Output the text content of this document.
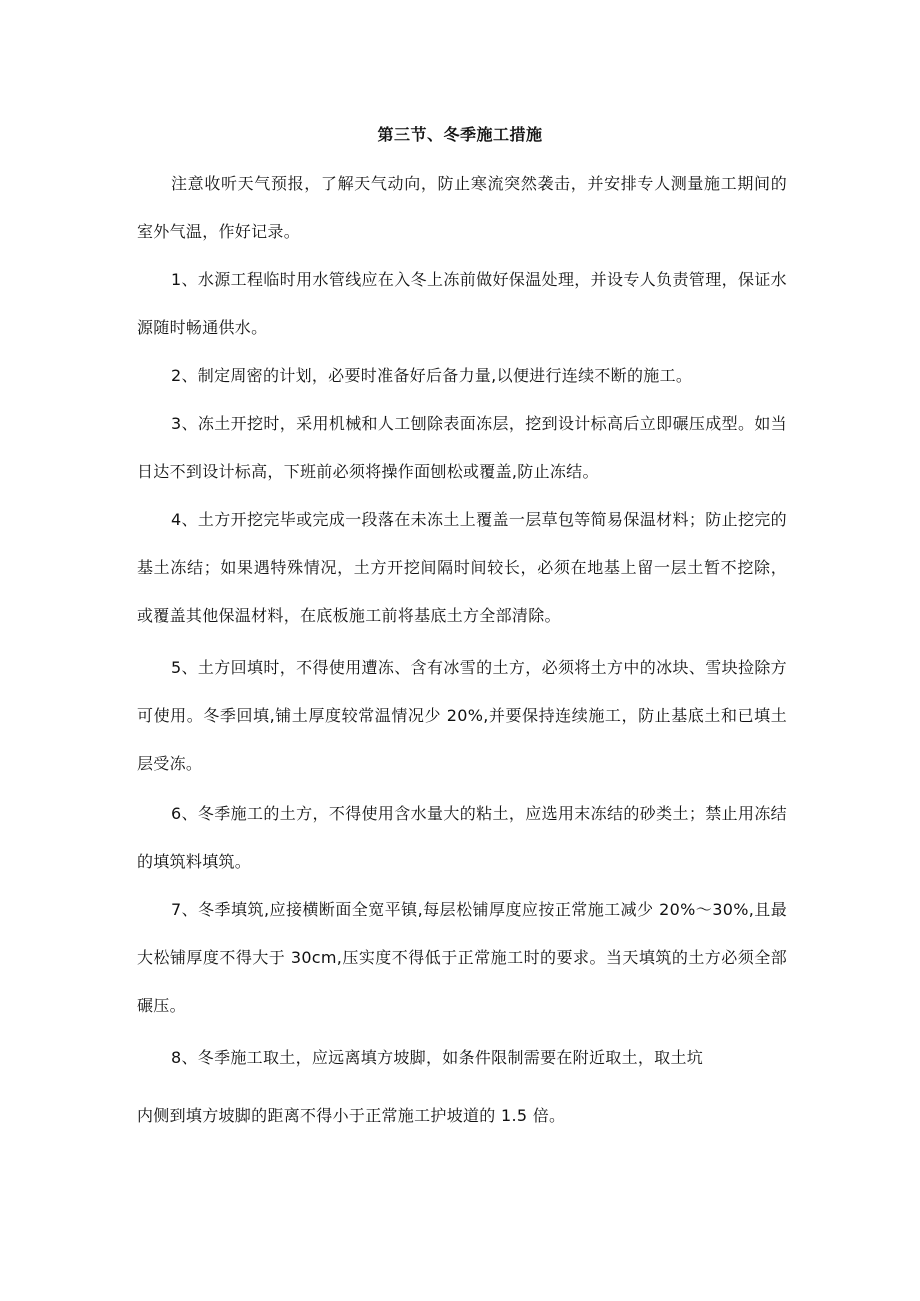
第三节、冬季施工措施

注意收听天气预报，了解天气动向，防止寒流突然袭击，并安排专人测量施工期间的室外气温，作好记录。

1、水源工程临时用水管线应在入冬上冻前做好保温处理，并设专人负责管理，保证水源随时畅通供水。

2、制定周密的计划，必要时准备好后备力量,以便进行连续不断的施工。

3、冻土开挖时，采用机械和人工刨除表面冻层，挖到设计标高后立即碾压成型。如当日达不到设计标高，下班前必须将操作面刨松或覆盖,防止冻结。

4、土方开挖完毕或完成一段落在未冻土上覆盖一层草包等简易保温材料；防止挖完的基土冻结；如果遇特殊情况，土方开挖间隔时间较长，必须在地基上留一层土暂不挖除，或覆盖其他保温材料，在底板施工前将基底土方全部清除。

5、土方回填时，不得使用遭冻、含有冰雪的土方，必须将土方中的冰块、雪块捡除方可使用。冬季回填,铺土厚度较常温情况少 20%,并要保持连续施工，防止基底土和已填土层受冻。

6、冬季施工的土方，不得使用含水量大的粘土，应选用末冻结的砂类土；禁止用冻结的填筑料填筑。

7、冬季填筑,应接横断面全宽平镇,每层松铺厚度应按正常施工减少 20%～30%,且最大松铺厚度不得大于 30cm,压实度不得低于正常施工时的要求。当天填筑的土方必须全部碾压。

8、冬季施工取土，应远离填方坡脚，如条件限制需要在附近取土，取土坑

内侧到填方坡脚的距离不得小于正常施工护坡道的 1.5 倍。
